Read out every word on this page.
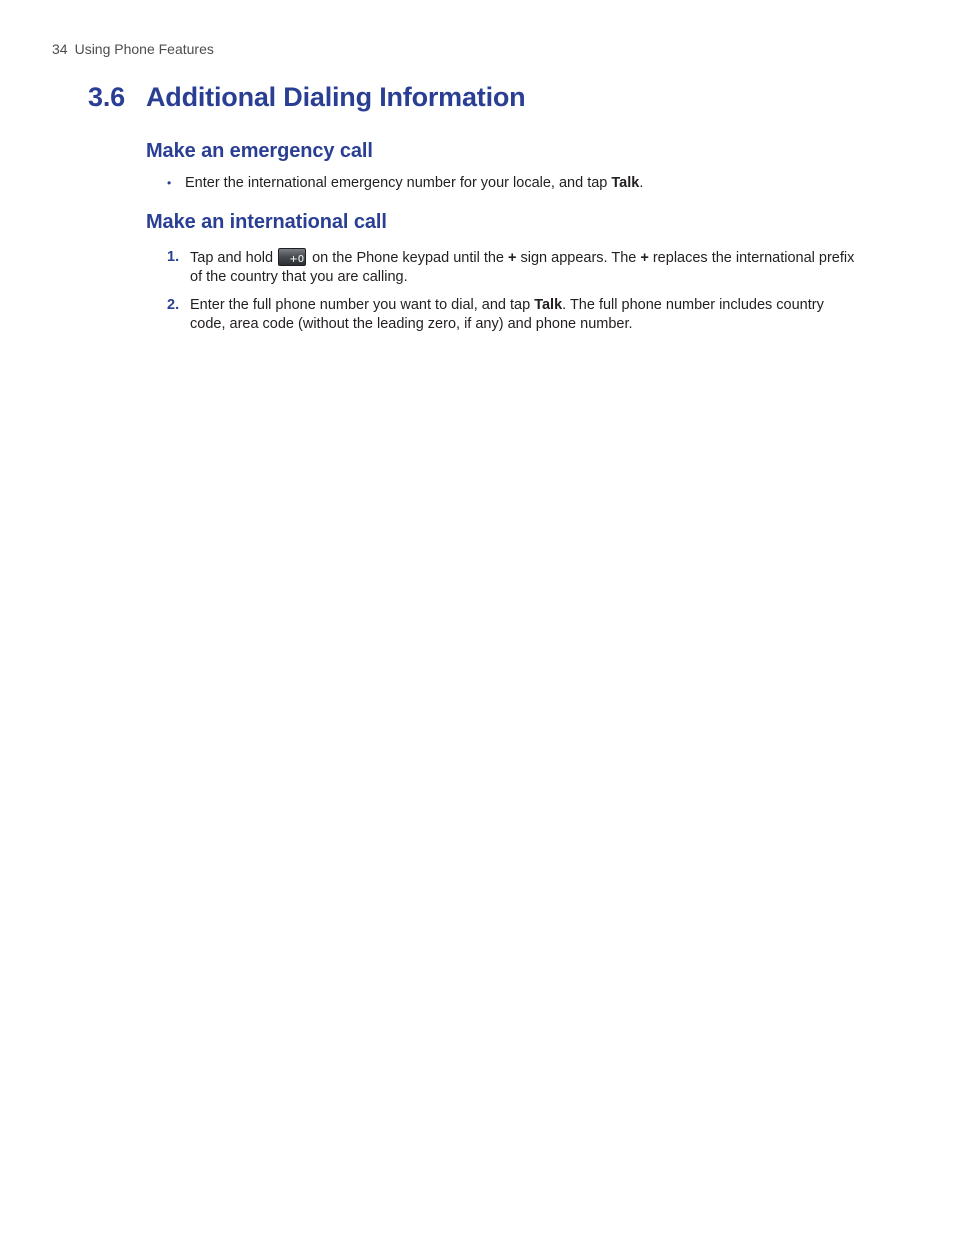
34 Using Phone Features
3.6 Additional Dialing Information
Make an emergency call
• Enter the international emergency number for your locale, and tap Talk.
Make an international call
1. Tap and hold +0 on the Phone keypad until the + sign appears. The + replaces the international prefix of the country that you are calling.
2. Enter the full phone number you want to dial, and tap Talk. The full phone number includes country code, area code (without the leading zero, if any) and phone number.
